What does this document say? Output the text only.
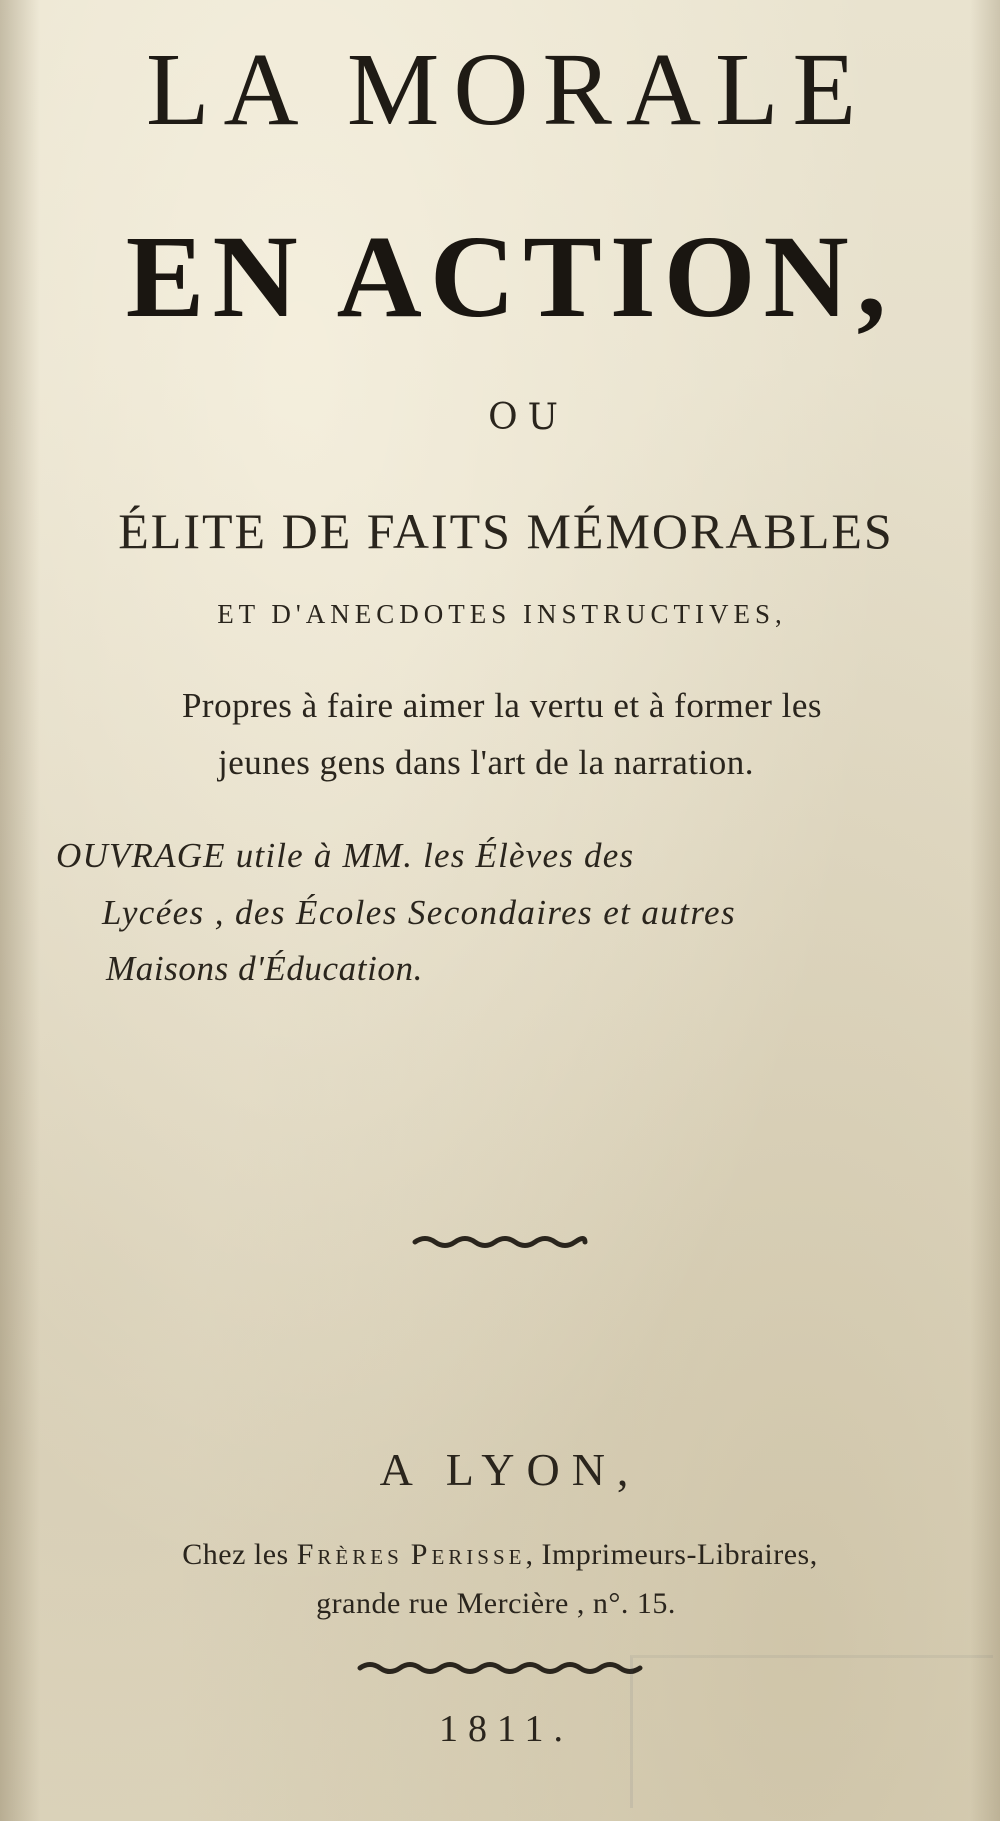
LA MORALE
EN ACTION,
OU
ÉLITE DE FAITS MÉMORABLES
ET D'ANECDOTES INSTRUCTIVES,
Propres à faire aimer la vertu et à former les
jeunes gens dans l'art de la narration.
OUVRAGE utile à MM. les Élèves des
Lycées , des Écoles Secondaires et autres
Maisons d'Éducation.
A LYON,
Chez les Frères Perisse, Imprimeurs-Libraires,
grande rue Mercière , n°. 15.
1811.
